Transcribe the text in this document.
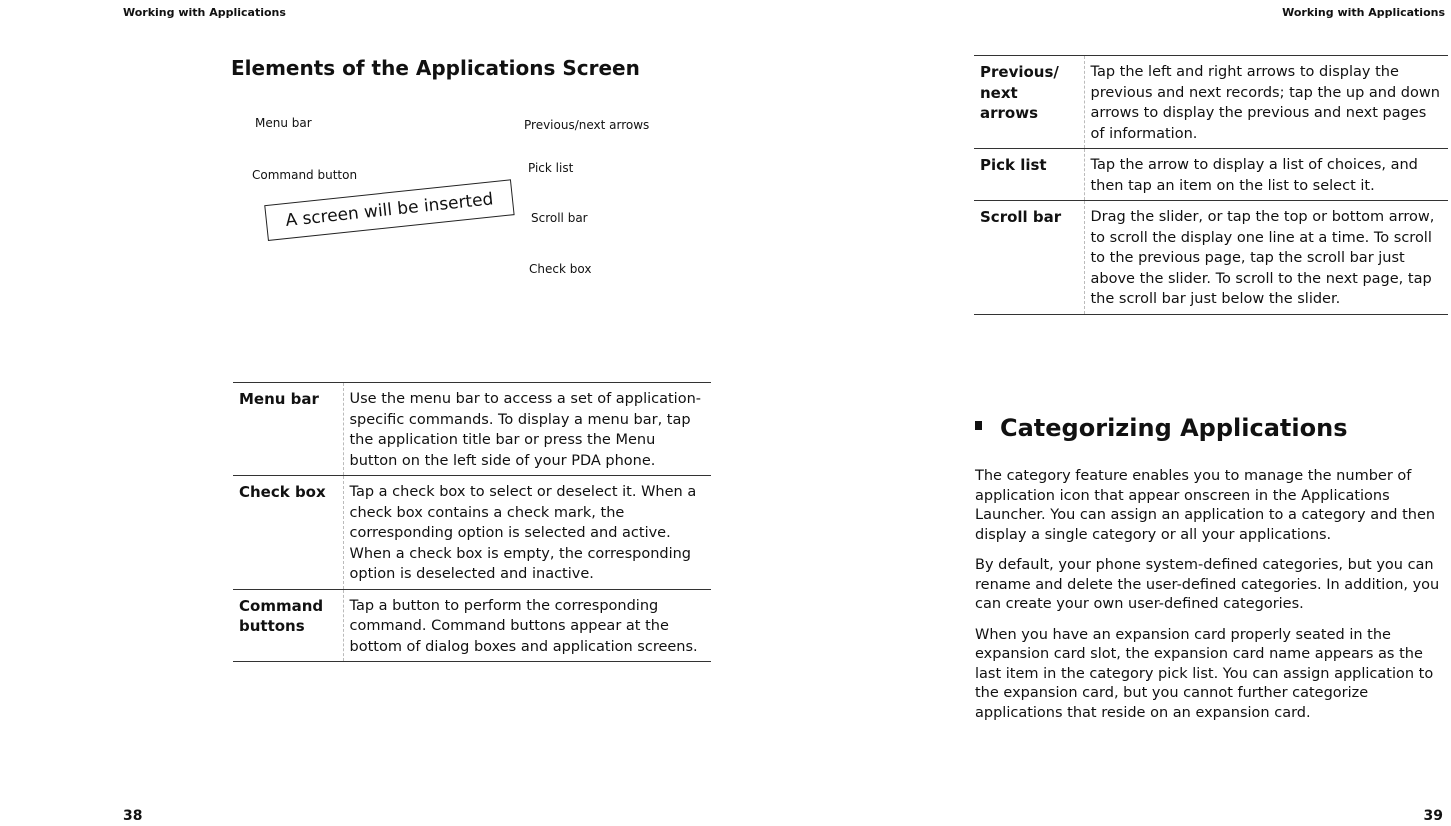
Working with Applications
Elements of the Applications Screen
Menu bar
Command button
Previous/next arrows
Pick list
Scroll bar
Check box
A screen will be inserted
Menu bar	Use the menu bar to access a set of application-specific commands. To display a menu bar, tap the application title bar or press the Menu button on the left side of your PDA phone.
Check box	Tap a check box to select or deselect it. When a check box contains a check mark, the corresponding option is selected and active. When a check box is empty, the corresponding option is deselected and inactive.
Command buttons	Tap a button to perform the corresponding command. Command buttons appear at the bottom of dialog boxes and application screens.
38
Working with Applications
Previous/ next arrows	Tap the left and right arrows to display the previous and next records; tap the up and down arrows to display the previous and next pages of information.
Pick list	Tap the arrow to display a list of choices, and then tap an item on the list to select it.
Scroll bar	Drag the slider, or tap the top or bottom arrow, to scroll the display one line at a time. To scroll to the previous page, tap the scroll bar just above the slider. To scroll to the next page, tap the scroll bar just below the slider.
Categorizing Applications

The category feature enables you to manage the number of application icon that appear onscreen in the Applications Launcher. You can assign an application to a category and then display a single category or all your applications.

By default, your phone system-defined categories, but you can rename and delete the user-defined categories. In addition, you can create your own user-defined categories.

When you have an expansion card properly seated in the expansion card slot, the expansion card name appears as the last item in the category pick list. You can assign application to the expansion card, but you cannot further categorize applications that reside on an expansion card.

39
